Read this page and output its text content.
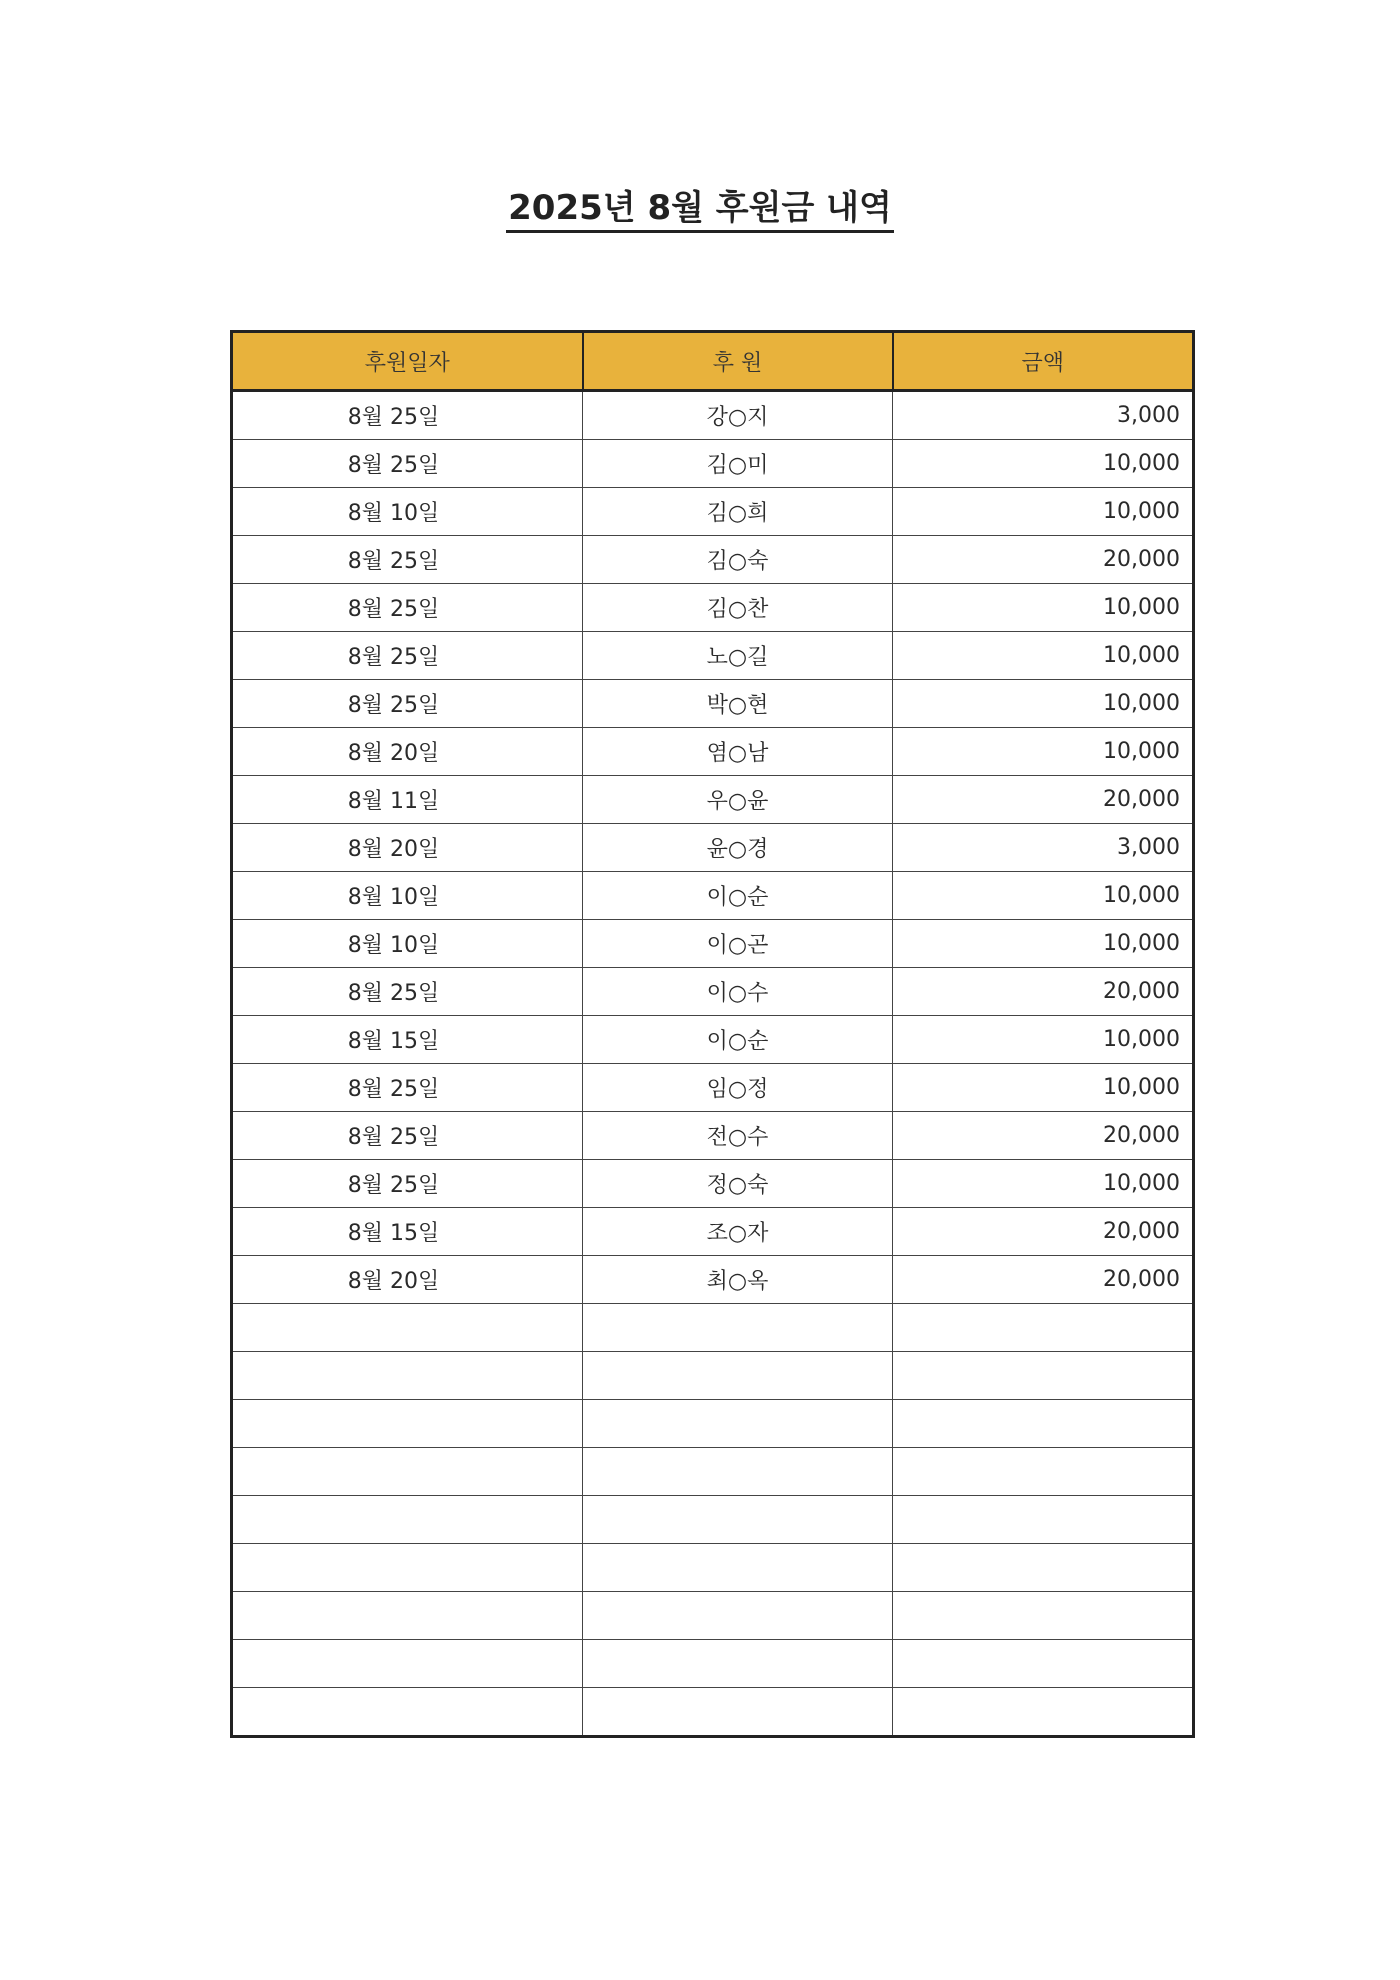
2025년 8월 후원금 내역
후원일자	후 원	금액
8월 25일	강○지	3,000
8월 25일	김○미	10,000
8월 10일	김○희	10,000
8월 25일	김○숙	20,000
8월 25일	김○찬	10,000
8월 25일	노○길	10,000
8월 25일	박○현	10,000
8월 20일	염○남	10,000
8월 11일	우○윤	20,000
8월 20일	윤○경	3,000
8월 10일	이○순	10,000
8월 10일	이○곤	10,000
8월 25일	이○수	20,000
8월 15일	이○순	10,000
8월 25일	임○정	10,000
8월 25일	전○수	20,000
8월 25일	정○숙	10,000
8월 15일	조○자	20,000
8월 20일	최○옥	20,000
